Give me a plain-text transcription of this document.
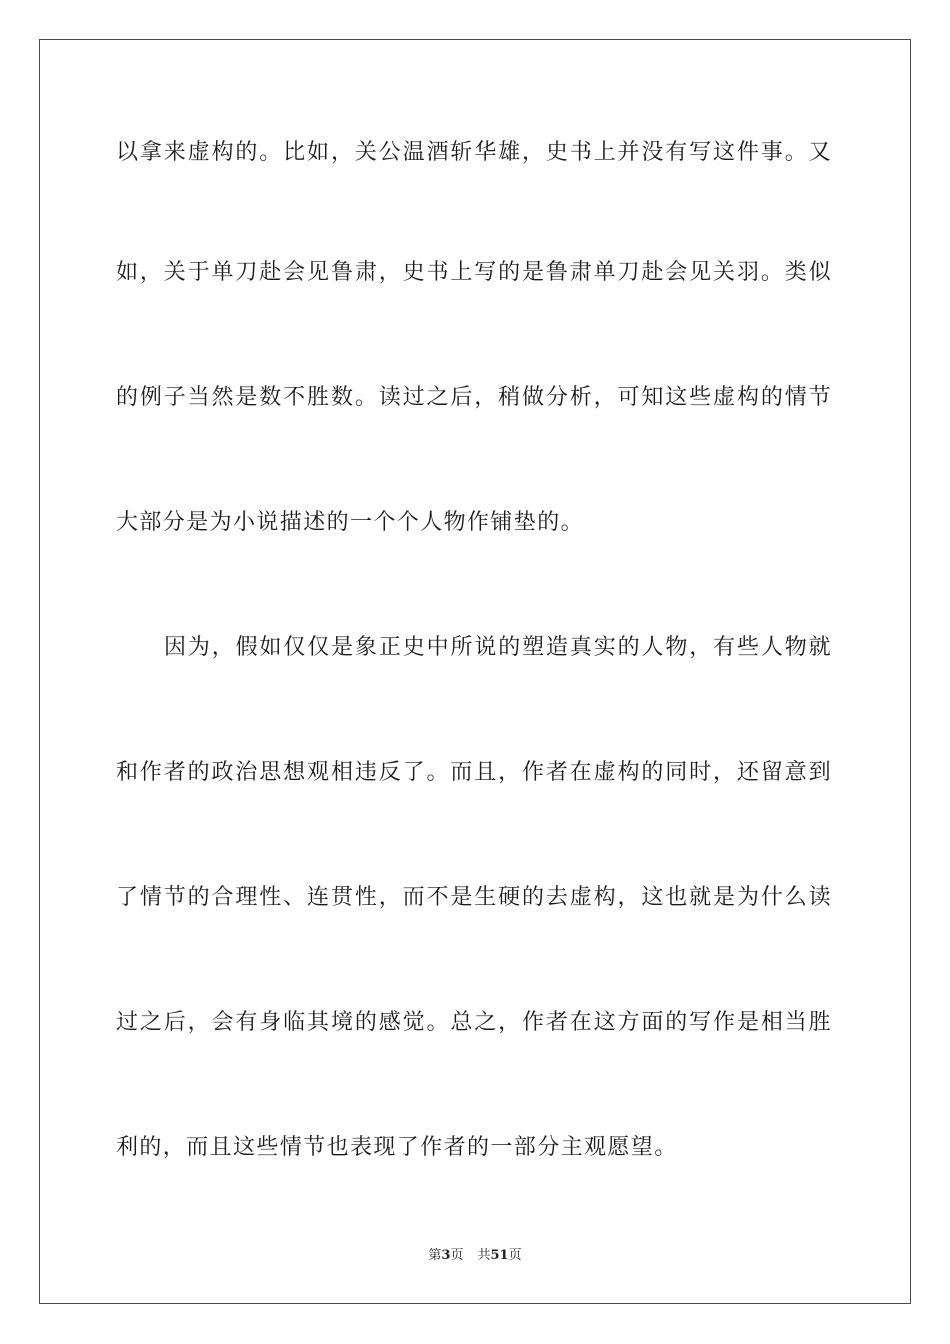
以拿来虚构的。比如，关公温酒斩华雄，史书上并没有写这件事。又
如，关于单刀赴会见鲁肃，史书上写的是鲁肃单刀赴会见关羽。类似
的例子当然是数不胜数。读过之后，稍做分析，可知这些虚构的情节
大部分是为小说描述的一个个人物作铺垫的。
因为，假如仅仅是象正史中所说的塑造真实的人物，有些人物就
和作者的政治思想观相违反了。而且，作者在虚构的同时，还留意到
了情节的合理性、连贯性，而不是生硬的去虚构，这也就是为什么读
过之后，会有身临其境的感觉。总之，作者在这方面的写作是相当胜
利的，而且这些情节也表现了作者的一部分主观愿望。
第3页 共51页
